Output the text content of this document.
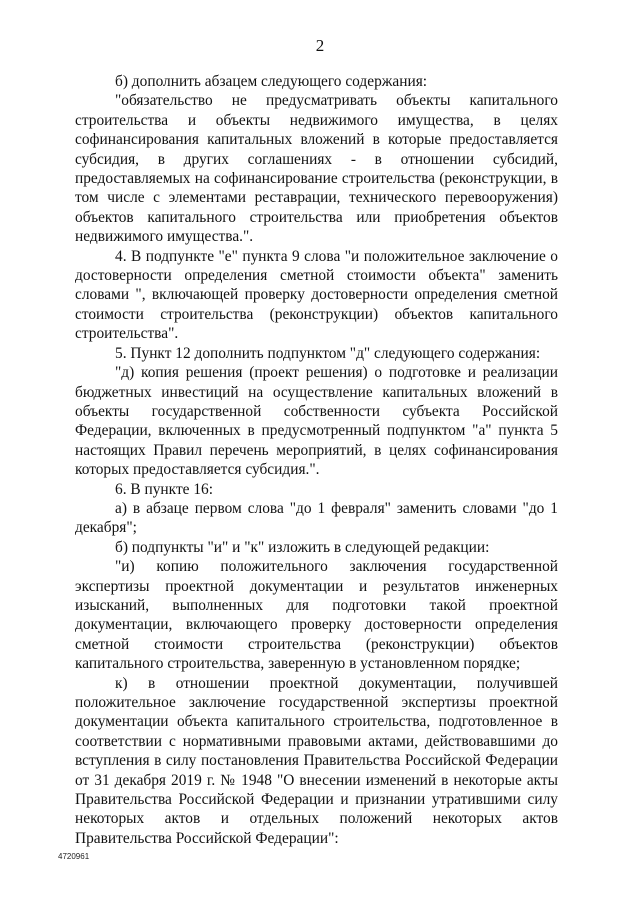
2

б) дополнить абзацем следующего содержания:

"обязательство не предусматривать объекты капитального строительства и объекты недвижимого имущества, в целях софинансирования капитальных вложений в которые предоставляется субсидия, в других соглашениях - в отношении субсидий, предоставляемых на софинансирование строительства (реконструкции, в том числе с элементами реставрации, технического перевооружения) объектов капитального строительства или приобретения объектов недвижимого имущества.".

4. В подпункте "е" пункта 9 слова "и положительное заключение о достоверности определения сметной стоимости объекта" заменить словами ", включающей проверку достоверности определения сметной стоимости строительства (реконструкции) объектов капитального строительства".

5. Пункт 12 дополнить подпунктом "д" следующего содержания:

"д) копия решения (проект решения) о подготовке и реализации бюджетных инвестиций на осуществление капитальных вложений в объекты государственной собственности субъекта Российской Федерации, включенных в предусмотренный подпунктом "а" пункта 5 настоящих Правил перечень мероприятий, в целях софинансирования которых предоставляется субсидия.".

6. В пункте 16:

а) в абзаце первом слова "до 1 февраля" заменить словами "до 1 декабря";

б) подпункты "и" и "к" изложить в следующей редакции:

"и) копию положительного заключения государственной экспертизы проектной документации и результатов инженерных изысканий, выполненных для подготовки такой проектной документации, включающего проверку достоверности определения сметной стоимости строительства (реконструкции) объектов капитального строительства, заверенную в установленном порядке;

к) в отношении проектной документации, получившей положительное заключение государственной экспертизы проектной документации объекта капитального строительства, подготовленное в соответствии с нормативными правовыми актами, действовавшими до вступления в силу постановления Правительства Российской Федерации от 31 декабря 2019 г. № 1948 "О внесении изменений в некоторые акты Правительства Российской Федерации и признании утратившими силу некоторых актов и отдельных положений некоторых актов Правительства Российской Федерации":

4720961
